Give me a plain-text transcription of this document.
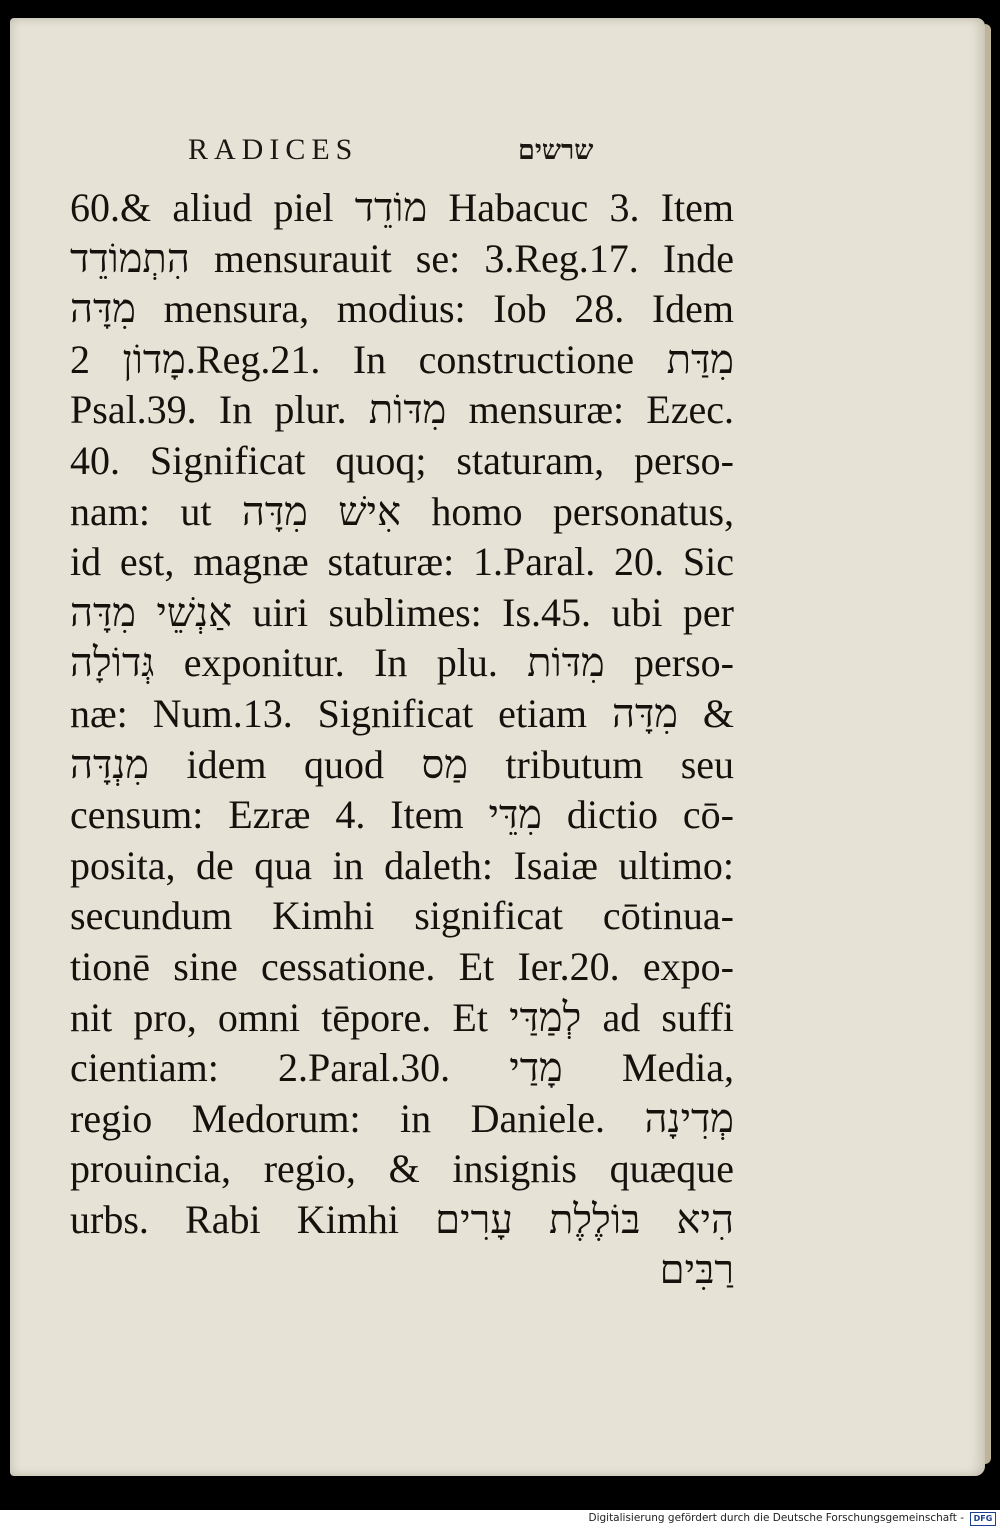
RADICES	שרשים
60.& aliud piel מוֹדֵד Habacuc 3. Item
הִתְמוֹדֵד mensurauit se: 3.Reg.17. Inde
מִדָּה mensura, modius: Iob 28. Idem
מָדוֹן 2.Reg.21. In constructione מִדַּת
Psal.39. In plur. מִדּוֹת mensuræ: Ezec.
40. Significat quoq; staturam, perso-
nam: ut אִישׁ מִדָּה homo personatus,
id est, magnæ staturæ: 1.Paral. 20. Sic
אַנְשֵׁי מִדָּה uiri sublimes: Is.45. ubi per
גְּדוֹלָה exponitur. In plu. מִדּוֹת perso-
næ: Num.13. Significat etiam מִדָּה &
מִנְדָּה idem quod מַס tributum seu
censum: Ezræ 4. Item מִדֵּי dictio cō-
posita, de qua in daleth: Isaiæ ultimo:
secundum Kimhi significat cōtinua-
tionē sine cessatione. Et Ier.20. expo-
nit pro, omni tēpore. Et לְמַדַּי ad suffi
cientiam: 2.Paral.30. מָדַי Media,
regio Medorum: in Daniele. מְדִינָה
prouincia, regio, & insignis quæque
urbs. Rabi Kimhi הִיא בּוֹלֶלֶת עָרִים
רַבִּים
Digitalisierung gefördert durch die Deutsche Forschungsgemeinschaft -	DFG
